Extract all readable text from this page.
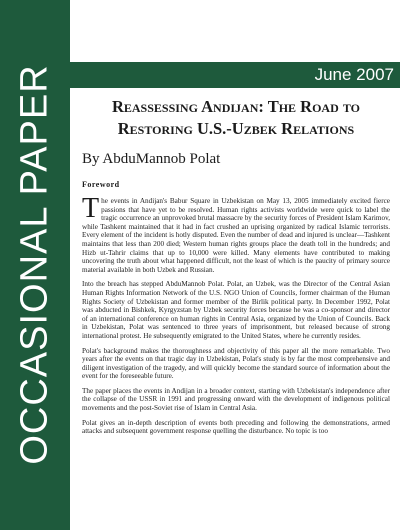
OCCASIONAL PAPER	June 2007
Reassessing Andijan: The Road to
Restoring U.S.-Uzbek Relations
By AbduMannob Polat
Foreword

The events in Andijan's Babur Square in Uzbekistan on May 13, 2005 immediately excited fierce passions that have yet to be resolved. Human rights activists worldwide were quick to label the tragic occurrence an unprovoked brutal massacre by the security forces of President Islam Karimov, while Tashkent maintained that it had in fact crushed an uprising organized by radical Islamic terrorists. Every element of the incident is hotly disputed. Even the number of dead and injured is unclear—Tashkent maintains that less than 200 died; Western human rights groups place the death toll in the hundreds; and Hizb ut-Tahrir claims that up to 10,000 were killed. Many elements have contributed to making uncovering the truth about what happened difficult, not the least of which is the paucity of primary source material available in both Uzbek and Russian.

Into the breach has stepped AbduMannob Polat. Polat, an Uzbek, was the Director of the Central Asian Human Rights Information Network of the U.S. NGO Union of Councils, former chairman of the Human Rights Society of Uzbekistan and former member of the Birlik political party. In December 1992, Polat was abducted in Bishkek, Kyrgyzstan by Uzbek security forces because he was a co-sponsor and director of an international conference on human rights in Central Asia, organized by the Union of Councils. Back in Uzbekistan, Polat was sentenced to three years of imprisonment, but released because of strong international protest. He subsequently emigrated to the United States, where he currently resides.

Polat's background makes the thoroughness and objectivity of this paper all the more remarkable. Two years after the events on that tragic day in Uzbekistan, Polat's study is by far the most comprehensive and diligent investigation of the tragedy, and will quickly become the standard source of information about the event for the foreseeable future.

The paper places the events in Andijan in a broader context, starting with Uzbekistan's independence after the collapse of the USSR in 1991 and progressing onward with the development of indigenous political movements and the post-Soviet rise of Islam in Central Asia.

Polat gives an in-depth description of events both preceding and following the demonstrations, armed attacks and subsequent government response quelling the disturbance. No topic is too
